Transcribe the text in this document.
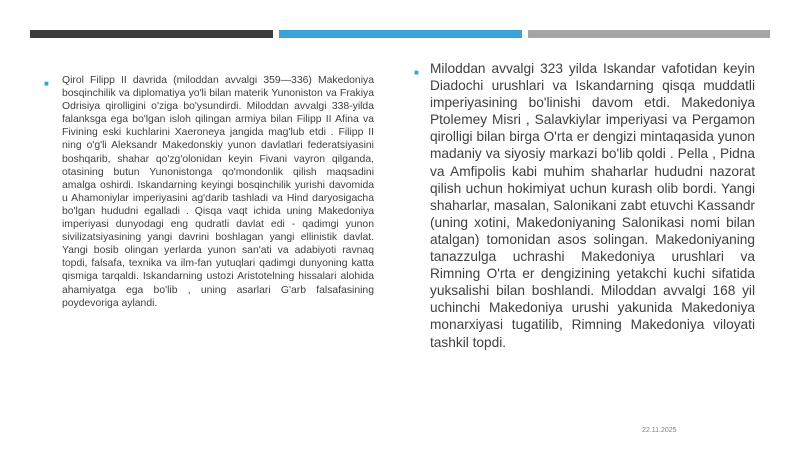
■ Qirol Filipp II davrida (miloddan avvalgi 359—336) Makedoniya bosqinchilik va diplomatiya yo'li bilan materik Yunoniston va Frakiya Odrisiya qirolligini o'ziga bo'ysundirdi. Miloddan avvalgi 338-yilda falanksga ega bo'lgan isloh qilingan armiya bilan Filipp II Afina va Fivining eski kuchlarini Xaeroneya jangida mag'lub etdi . Filipp II ning o'g'li Aleksandr Makedonskiy yunon davlatlari federatsiyasini boshqarib, shahar qo'zg'olonidan keyin Fivani vayron qilganda, otasining butun Yunonistonga qo'mondonlik qilish maqsadini amalga oshirdi. Iskandarning keyingi bosqinchilik yurishi davomida u Ahamoniylar imperiyasini ag'darib tashladi va Hind daryosigacha bo'lgan hududni egalladi . Qisqa vaqt ichida uning Makedoniya imperiyasi dunyodagi eng qudratli davlat edi - qadimgi yunon sivilizatsiyasining yangi davrini boshlagan yangi ellinistik davlat. Yangi bosib olingan yerlarda yunon san'ati va adabiyoti ravnaq topdi, falsafa, texnika va ilm-fan yutuqlari qadimgi dunyoning katta qismiga tarqaldi. Iskandarning ustozi Aristotelning hissalari alohida ahamiyatga ega bo'lib , uning asarlari G'arb falsafasining poydevoriga aylandi.

■ Miloddan avvalgi 323 yilda Iskandar vafotidan keyin Diadochi urushlari va Iskandarning qisqa muddatli imperiyasining bo'linishi davom etdi. Makedoniya Ptolemey Misri , Salavkiylar imperiyasi va Pergamon qirolligi bilan birga O'rta er dengizi mintaqasida yunon madaniy va siyosiy markazi bo'lib qoldi . Pella , Pidna va Amfipolis kabi muhim shaharlar hududni nazorat qilish uchun hokimiyat uchun kurash olib bordi. Yangi shaharlar, masalan, Salonikani zabt etuvchi Kassandr (uning xotini, Makedoniyaning Salonikasi nomi bilan atalgan) tomonidan asos solingan. Makedoniyaning tanazzulga uchrashi Makedoniya urushlari va Rimning O'rta er dengizining yetakchi kuchi sifatida yuksalishi bilan boshlandi. Miloddan avvalgi 168 yil uchinchi Makedoniya urushi yakunida Makedoniya monarxiyasi tugatilib, Rimning Makedoniya viloyati tashkil topdi.

22.11.2025
